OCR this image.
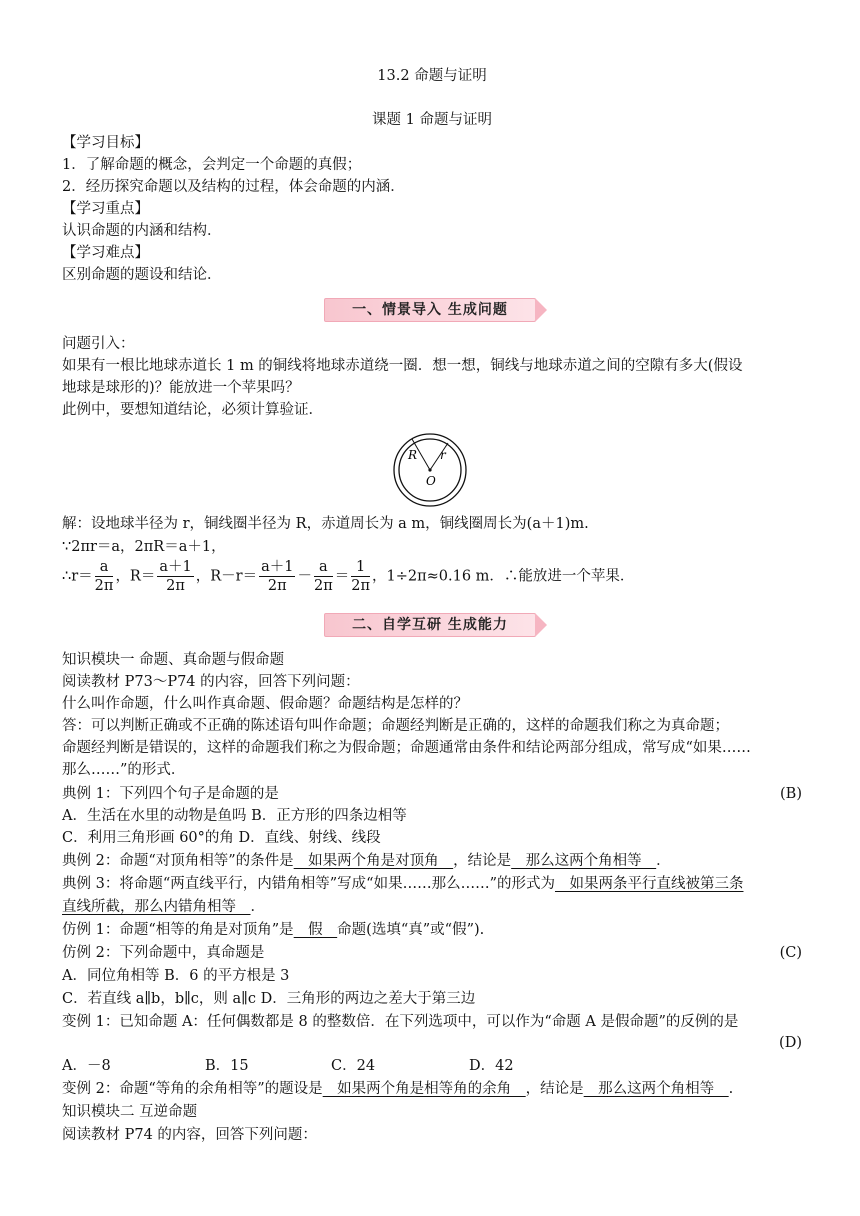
13.2 命题与证明
课题 1 命题与证明
【学习目标】
1．了解命题的概念，会判定一个命题的真假；
2．经历探究命题以及结构的过程，体会命题的内涵．
【学习重点】
认识命题的内涵和结构．
【学习难点】
区别命题的题设和结论．
一、情景导入 生成问题
问题引入：
如果有一根比地球赤道长 1 m 的铜线将地球赤道绕一圈．想一想，铜线与地球赤道之间的空隙有多大(假设
地球是球形的)？能放进一个苹果吗？
此例中，要想知道结论，必须计算验证．
R r
O
解：设地球半径为 r，铜线圈半径为 R，赤道周长为 a m，铜线圈周长为(a＋1)m.
∵2πr＝a，2πR＝a＋1，
∴r＝ $\frac{a}{2\pi}$ ，$R= \frac{a+1}{2\pi}$ ，$R-r= \frac{a+1}{2\pi} - \frac{a}{2\pi} = \frac{1}{2\pi}$ ，1÷2π≈0.16 m．∴能放进一个苹果．
二、自学互研 生成能力
知识模块一 命题、真命题与假命题
阅读教材 P73～P74 的内容，回答下列问题：
什么叫作命题，什么叫作真命题、假命题？命题结构是怎样的？
答：可以判断正确或不正确的陈述语句叫作命题；命题经判断是正确的，这样的命题我们称之为真命题；
命题经判断是错误的，这样的命题我们称之为假命题；命题通常由条件和结论两部分组成，常写成“如果……
那么……”的形式．
典例 1：下列四个句子是命题的是	(B)
A．生活在水里的动物是鱼吗 B．正方形的四条边相等
C．利用三角形画 60°的角 D．直线、射线、线段
典例 2：命题“对顶角相等”的条件是　如果两个角是对顶角　，结论是　那么这两个角相等　．
典例 3：将命题“两直线平行，内错角相等”写成“如果……那么……”的形式为　如果两条平行直线被第三条
直线所截，那么内错角相等　．
仿例 1：命题“相等的角是对顶角”是　假　命题(选填“真”或“假”).
仿例 2：下列命题中，真命题是	(C)
A．同位角相等 B．6 的平方根是 3
C．若直线 a∥b，b∥c，则 a∥c D．三角形的两边之差大于第三边
变例 1：已知命题 A：任何偶数都是 8 的整数倍．在下列选项中，可以作为“命题 A 是假命题”的反例的是
(D)
A．－8	B．15	C．24	D．42
变例 2：命题“等角的余角相等”的题设是　如果两个角是相等角的余角　，结论是　那么这两个角相等　.
知识模块二 互逆命题
阅读教材 P74 的内容，回答下列问题：
